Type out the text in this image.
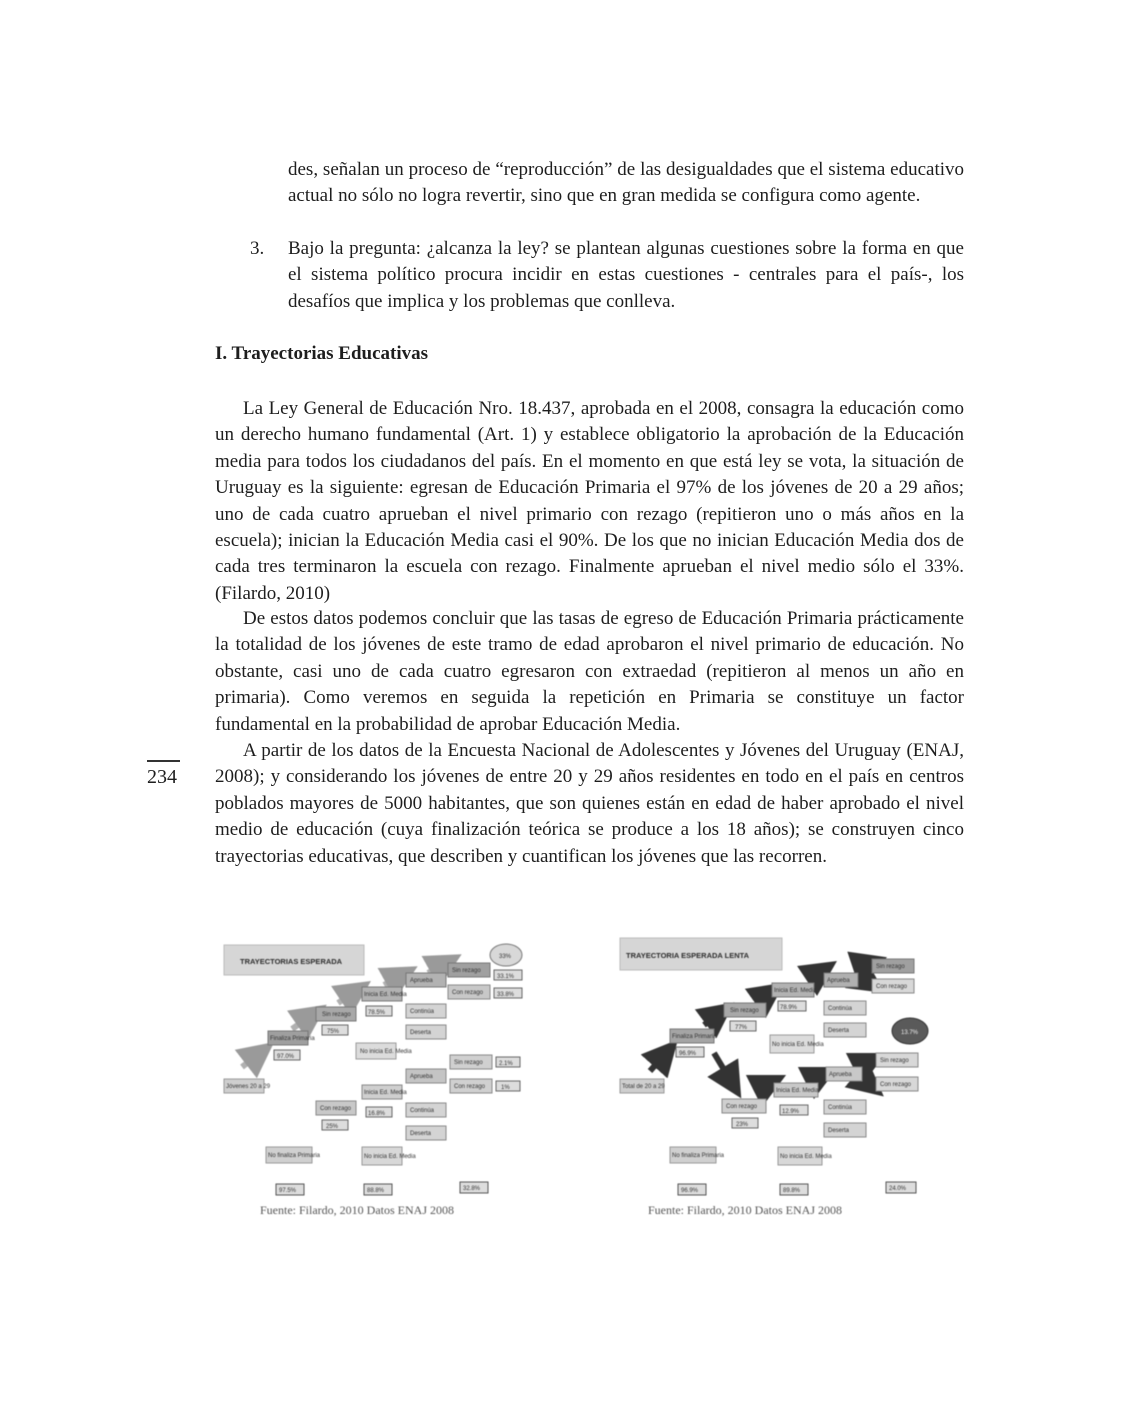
des, señalan un proceso de “reproducción” de las desigualdades que el sistema educativo actual no sólo no logra revertir, sino que en gran medida se configura como agente.
3. Bajo la pregunta: ¿alcanza la ley? se plantean algunas cuestiones sobre la forma en que el sistema político procura incidir en estas cuestiones - centrales para el país-, los desafíos que implica y los problemas que conlleva.
I. Trayectorias Educativas
La Ley General de Educación Nro. 18.437, aprobada en el 2008, consagra la educación como un derecho humano fundamental (Art. 1) y establece obligatorio la aprobación de la Educación media para todos los ciudadanos del país. En el momento en que está ley se vota, la situación de Uruguay es la siguiente: egresan de Educación Primaria el 97% de los jóvenes de 20 a 29 años; uno de cada cuatro aprueban el nivel primario con rezago (repitieron uno o más años en la escuela); inician la Educación Media casi el 90%. De los que no inician Educación Media dos de cada tres terminaron la escuela con rezago. Finalmente aprueban el nivel medio sólo el 33%. (Filardo, 2010)
De estos datos podemos concluir que las tasas de egreso de Educación Primaria prácticamente la totalidad de los jóvenes de este tramo de edad aprobaron el nivel primario de educación. No obstante, casi uno de cada cuatro egresaron con extraedad (repitieron al menos un año en primaria). Como veremos en seguida la repetición en Primaria se constituye un factor fundamental en la probabilidad de aprobar Educación Media.
A partir de los datos de la Encuesta Nacional de Adolescentes y Jóvenes del Uruguay (ENAJ, 2008); y considerando los jóvenes de entre 20 y 29 años residentes en todo en el país en centros poblados mayores de 5000 habitantes, que son quienes están en edad de haber aprobado el nivel medio de educación (cuya finalización teórica se produce a los 18 años); se construyen cinco trayectorias educativas, que describen y cuantifican los jóvenes que las recorren.
234
TRAYECTORIAS ESPERADA
Jóvenes 20 a 29
Finaliza Primaria
97.0%
Sin rezago
75%
Inicia Ed. Media
78.5%
Aprueba
Continúa
Deserta
33%
Sin rezago
Con rezago
33.1%
33.8%
No inicia Ed. Media
Aprueba
Continúa
Deserta
Sin rezago
Con rezago
2.1%
1%
Inicia Ed. Media
16.8%
Con rezago
25%
No finaliza Primaria	No inicia Ed. Media
97.5%	88.8%	32.8%
Fuente: Filardo, 2010 Datos ENAJ 2008
TRAYECTORIA ESPERADA LENTA
Total de 20 a 29
Finaliza Primaria
96.9%
Sin rezago
77%
Inicia Ed. Media
78.9%
Aprueba
Continúa
Deserta
Sin rezago
Con rezago
13.7%
No inicia Ed. Media
Con rezago
23%
Inicia Ed. Media
12.9%
Aprueba
Continúa
Deserta
Sin rezago
Con rezago
No finaliza Primaria	No inicia Ed. Media
96.9%	89.8%	24.0%
Fuente: Filardo, 2010 Datos ENAJ 2008
